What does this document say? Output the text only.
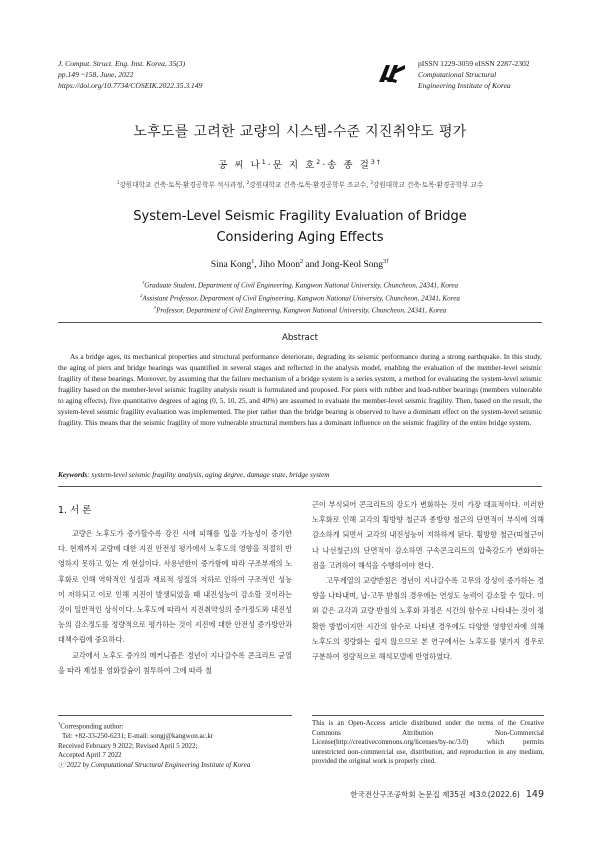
J. Comput. Struct. Eng. Inst. Korea, 35(3)
pp.149 ~158, June, 2022
https://doi.org/10.7734/COSEIK.2022.35.3.149
pISSN 1229-3059 eISSN 2287-2302
Computational Structural
Engineering Institute of Korea
노후도를 고려한 교량의 시스템-수준 지진취약도 평가
공 씨 나$^1$·문 지 호$^2$·송 종 걸$^{3\dagger}$
$^1$강원대학교 건축·토목·환경공학부 석사과정, $^2$강원대학교 건축·토목·환경공학부 조교수, $^3$강원대학교 건축·토목·환경공학부 교수
System-Level Seismic Fragility Evaluation of Bridge
Considering Aging Effects
Sina Kong$^1$, Jiho Moon$^2$ and Jong-Keol Song$^{3\dagger}$
$^1$Graduate Student, Department of Civil Engineering, Kangwon National University, Chuncheon, 24341, Korea
$^2$Assistant Professor, Department of Civil Engineering, Kangwon National University, Chuncheon, 24341, Korea
$^3$Professor, Department of Civil Engineering, Kangwon National University, Chuncheon, 24341, Korea
Abstract
As a bridge ages, its mechanical properties and structural performance deteriorate, degrading its seismic performance during a strong earthquake. In this study, the aging of piers and bridge bearings was quantified in several stages and reflected in the analysis model, enabling the evaluation of the member-level seismic fragility of these bearings. Moreover, by assuming that the failure mechanism of a bridge system is a series system, a method for evaluating the system-level seismic fragility based on the member-level seismic fragility analysis result is formulated and proposed. For piers with rubber and lead-rubber bearings (members vulnerable to aging effects), five quantitative degrees of aging (0, 5, 10, 25, and 40%) are assumed to evaluate the member-level seismic fragility. Then, based on the result, the system-level seismic fragility evaluation was implemented. The pier rather than the bridge bearing is observed to have a dominant effect on the system-level seismic fragility. This means that the seismic fragility of more vulnerable structural members has a dominant influence on the seismic fragility of the entire bridge system.
Keywords: system-level seismic fragility analysis, aging degree, damage state, bridge system
1. 서 론

교량은 노후도가 증가할수록 강진 시에 피해를 입을 가능성이 증가한다. 현재까지 교량에 대한 지진 안전성 평가에서 노후도의 영향을 적절히 반영하지 못하고 있는 게 현실이다. 사용년한이 증가함에 따라 구조부재의 노후화로 인해 역학적인 성질과 재료적 성질의 저하로 인하여 구조적인 성능이 저하되고 이로 인해 지진이 발생되었을 때 내진성능이 감소할 것이라는 것이 일반적인 상식이다. 노후도에 따라서 지진취약성의 증가정도와 내진성능의 감소정도를 정량적으로 평가하는 것이 지진에 대한 안전성 증가방안과 대책수립에 중요하다.

교각에서 노후도 증가의 메커니즘은 경년이 지나갈수록 콘크리트 균열을 따라 제설용 염화칼슘이 침투하여 그에 따라 철

근이 부식되어 콘크리트의 강도가 변화하는 것이 가장 대표적이다. 이러한 노후화로 인해 교각의 횡방향 철근과 종방향 철근의 단면적이 부식에 의해 감소하게 되면서 교각의 내진성능이 저하하게 된다. 횡방향 철근(띠철근이나 나선철근)의 단면적이 감소하면 구속콘크리트의 압축강도가 변화하는 점을 고려하여 해석을 수행하여야 한다.

고무계열의 교량받침은 경년이 지나갈수록 고무의 강성이 증가하는 경향을 나타내며, 납-고무 받침의 경우에는 연성도 능력이 감소할 수 있다. 이와 같은 교각과 교량 받침의 노후화 과정은 시간의 함수로 나타내는 것이 정확한 방법이지만 시간의 함수로 나타낸 경우에도 다양한 영향인자에 의해 노후도의 정량화는 쉽지 않으므로 본 연구에서는 노후도를 몇가지 경우로 구분하여 정량적으로 해석모델에 반영하였다.

†Corresponding author:
Tel: +82-33-250-6231; E-mail: songj@kangwon.ac.kr
Received February 9 2022; Revised April 5 2022;
Accepted April 7 2022
ⓒ 2022 by Computational Structural Engineering Institute of Korea
This is an Open-Access article distributed under the terms of the Creative Commons Attribution Non-Commercial License(http://creativecommons.org/licenses/by-nc/3.0) which permits unrestricted non-commercial use, distribution, and reproduction in any medium, provided the original work is properly cited.
한국전산구조공학회 논문집 제35권 제3호(2022.6) 149
